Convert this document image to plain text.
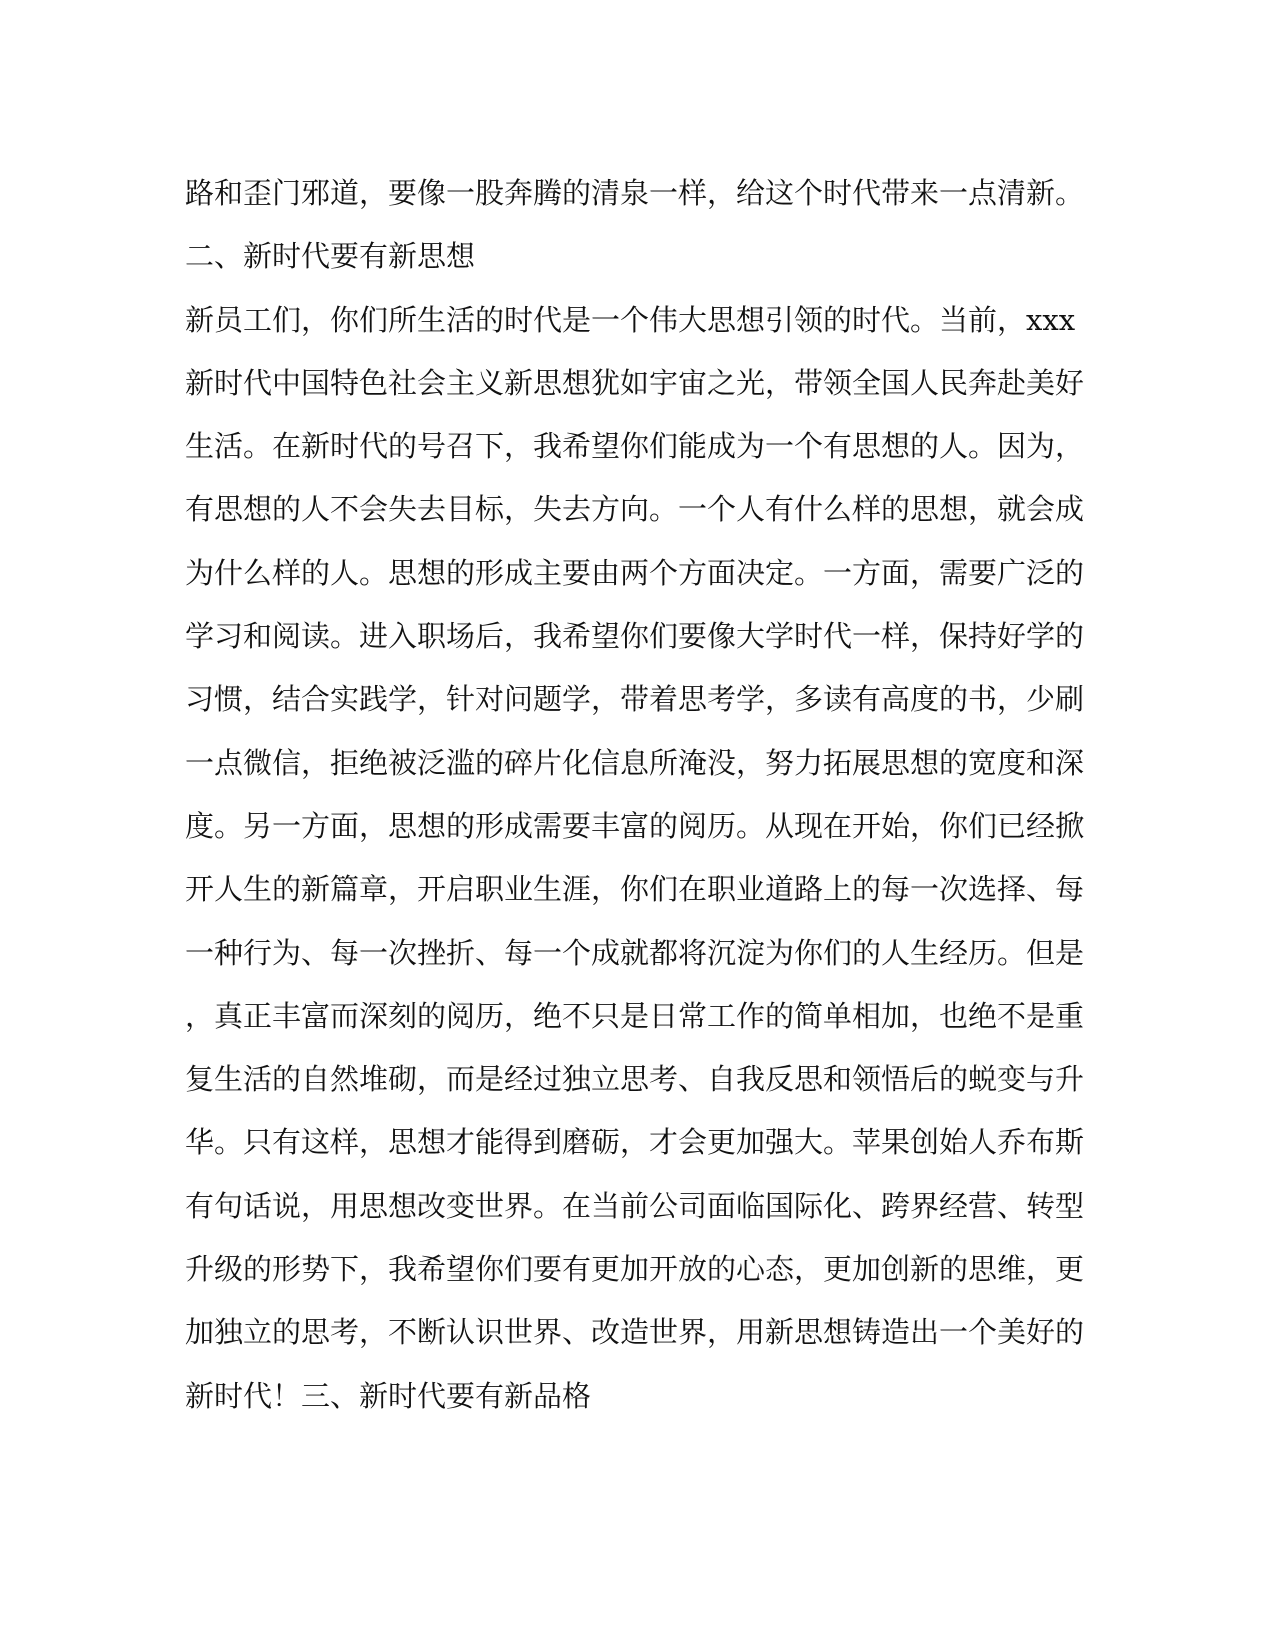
路和歪门邪道，要像一股奔腾的清泉一样，给这个时代带来一点清新。
二、新时代要有新思想
新员工们，你们所生活的时代是一个伟大思想引领的时代。当前，xxx
新时代中国特色社会主义新思想犹如宇宙之光，带领全国人民奔赴美好
生活。在新时代的号召下，我希望你们能成为一个有思想的人。因为，
有思想的人不会失去目标，失去方向。一个人有什么样的思想，就会成
为什么样的人。思想的形成主要由两个方面决定。一方面，需要广泛的
学习和阅读。进入职场后，我希望你们要像大学时代一样，保持好学的
习惯，结合实践学，针对问题学，带着思考学，多读有高度的书，少刷
一点微信，拒绝被泛滥的碎片化信息所淹没，努力拓展思想的宽度和深
度。另一方面，思想的形成需要丰富的阅历。从现在开始，你们已经掀
开人生的新篇章，开启职业生涯，你们在职业道路上的每一次选择、每
一种行为、每一次挫折、每一个成就都将沉淀为你们的人生经历。但是
，真正丰富而深刻的阅历，绝不只是日常工作的简单相加，也绝不是重
复生活的自然堆砌，而是经过独立思考、自我反思和领悟后的蜕变与升
华。只有这样，思想才能得到磨砺，才会更加强大。苹果创始人乔布斯
有句话说，用思想改变世界。在当前公司面临国际化、跨界经营、转型
升级的形势下，我希望你们要有更加开放的心态，更加创新的思维，更
加独立的思考，不断认识世界、改造世界，用新思想铸造出一个美好的
新时代！三、新时代要有新品格
